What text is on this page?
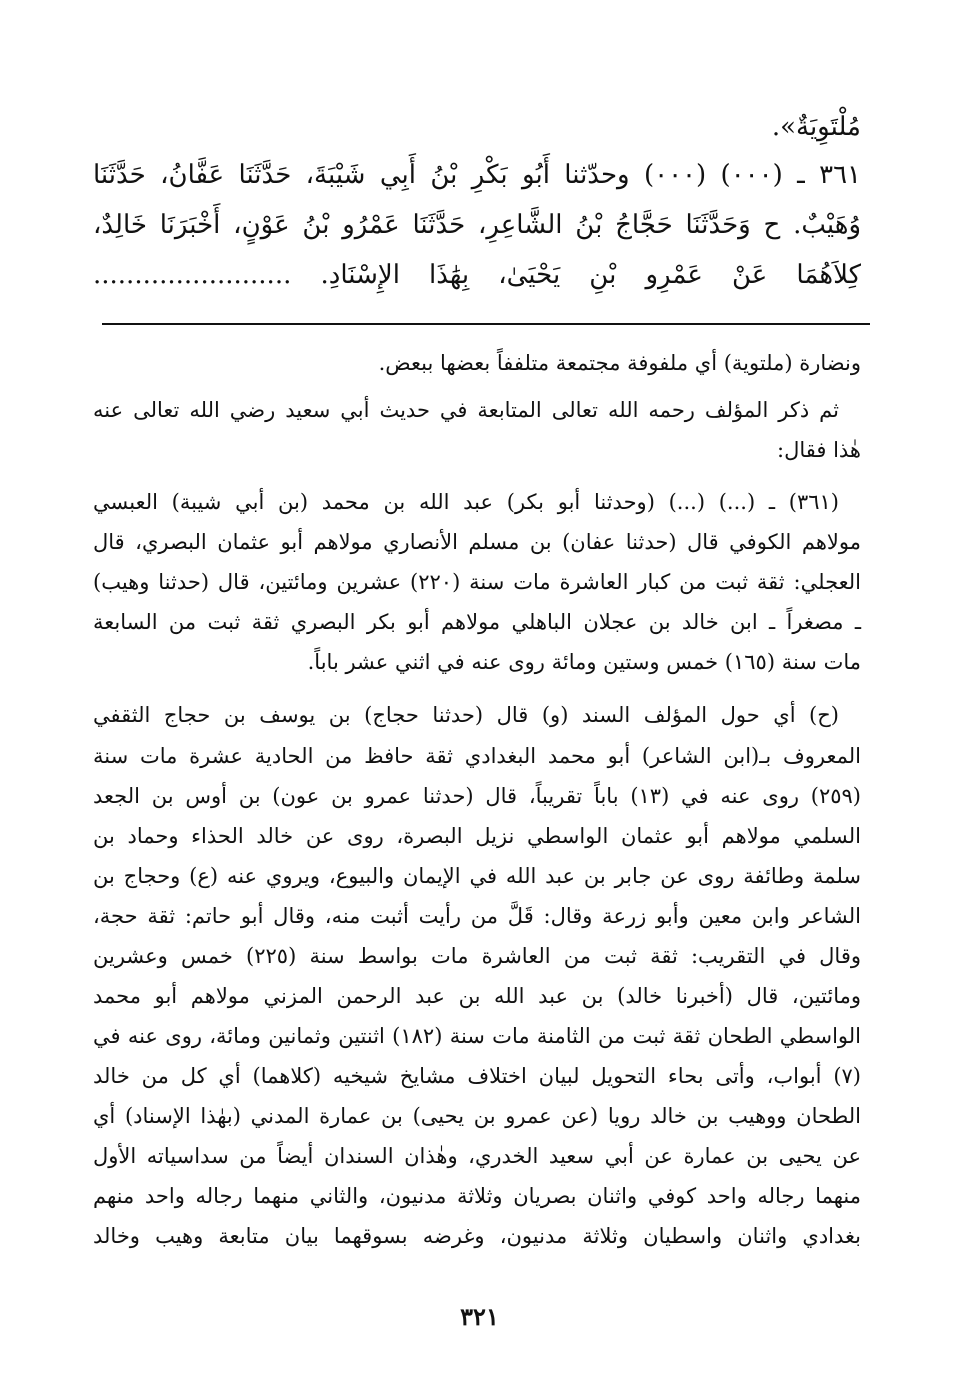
مُلْتَوِيَةٌ».
٣٦١ ـ (٠٠٠) (٠٠٠) وحدّثنا أَبُو بَكْرِ بْنُ أَبِي شَيْبَةَ، حَدَّثَنَا عَفَّانُ، حَدَّثَنَا
وُهَيْبٌ. ح وَحَدَّثَنَا حَجَّاجُ بْنُ الشَّاعِرِ، حَدَّثَنَا عَمْرُو بْنُ عَوْنٍ، أَخْبَرَنَا خَالِدٌ،
كِلاَهُمَا عَنْ عَمْرِو بْنِ يَحْيَىٰ، بِهَٰذَا الإِسْنَادِ. ........................
ونضارة (ملتوية) أي ملفوفة مجتمعة متلففاً بعضها ببعض.
ثم ذكر المؤلف رحمه الله تعالى المتابعة في حديث أبي سعيد رضي الله تعالى عنه
هٰذا فقال:
(٣٦١) ـ (...) (...) (وحدثنا أبو بكر) عبد الله بن محمد (بن أبي شيبة) العبسي
مولاهم الكوفي قال (حدثنا عفان) بن مسلم الأنصاري مولاهم أبو عثمان البصري، قال
العجلي: ثقة ثبت من كبار العاشرة مات سنة (٢٢٠) عشرين ومائتين، قال (حدثنا وهيب)
ـ مصغراً ـ ابن خالد بن عجلان الباهلي مولاهم أبو بكر البصري ثقة ثبت من السابعة
مات سنة (١٦٥) خمس وستين ومائة روى عنه في اثني عشر باباً.
(ح) أي حول المؤلف السند (و) قال (حدثنا حجاج) بن يوسف بن حجاج الثقفي
المعروف بـ(ابن الشاعر) أبو محمد البغدادي ثقة حافظ من الحادية عشرة مات سنة
(٢٥٩) روى عنه في (١٣) باباً تقريباً، قال (حدثنا عمرو بن عون) بن أوس بن الجعد
السلمي مولاهم أبو عثمان الواسطي نزيل البصرة، روى عن خالد الحذاء وحماد بن
سلمة وطائفة روى عن جابر بن عبد الله في الإيمان والبيوع، ويروي عنه (ع) وحجاج بن
الشاعر وابن معين وأبو زرعة وقال: قَلَّ من رأيت أثبت منه، وقال أبو حاتم: ثقة حجة،
وقال في التقريب: ثقة ثبت من العاشرة مات بواسط سنة (٢٢٥) خمس وعشرين
ومائتين، قال (أخبرنا خالد) بن عبد الله بن عبد الرحمن المزني مولاهم أبو محمد
الواسطي الطحان ثقة ثبت من الثامنة مات سنة (١٨٢) اثنتين وثمانين ومائة، روى عنه في
(٧) أبواب، وأتى بحاء التحويل لبيان اختلاف مشايخ شيخيه (كلاهما) أي كل من خالد
الطحان ووهيب بن خالد رويا (عن عمرو بن يحيى) بن عمارة المدني (بهٰذا الإسناد) أي
عن يحيى بن عمارة عن أبي سعيد الخدري، وهٰذان السندان أيضاً من سداسياته الأول
منهما رجاله واحد كوفي واثنان بصريان وثلاثة مدنيون، والثاني منهما رجاله واحد منهم
بغدادي واثنان واسطيان وثلاثة مدنيون، وغرضه بسوقهما بيان متابعة وهيب وخالد
٣٢١
